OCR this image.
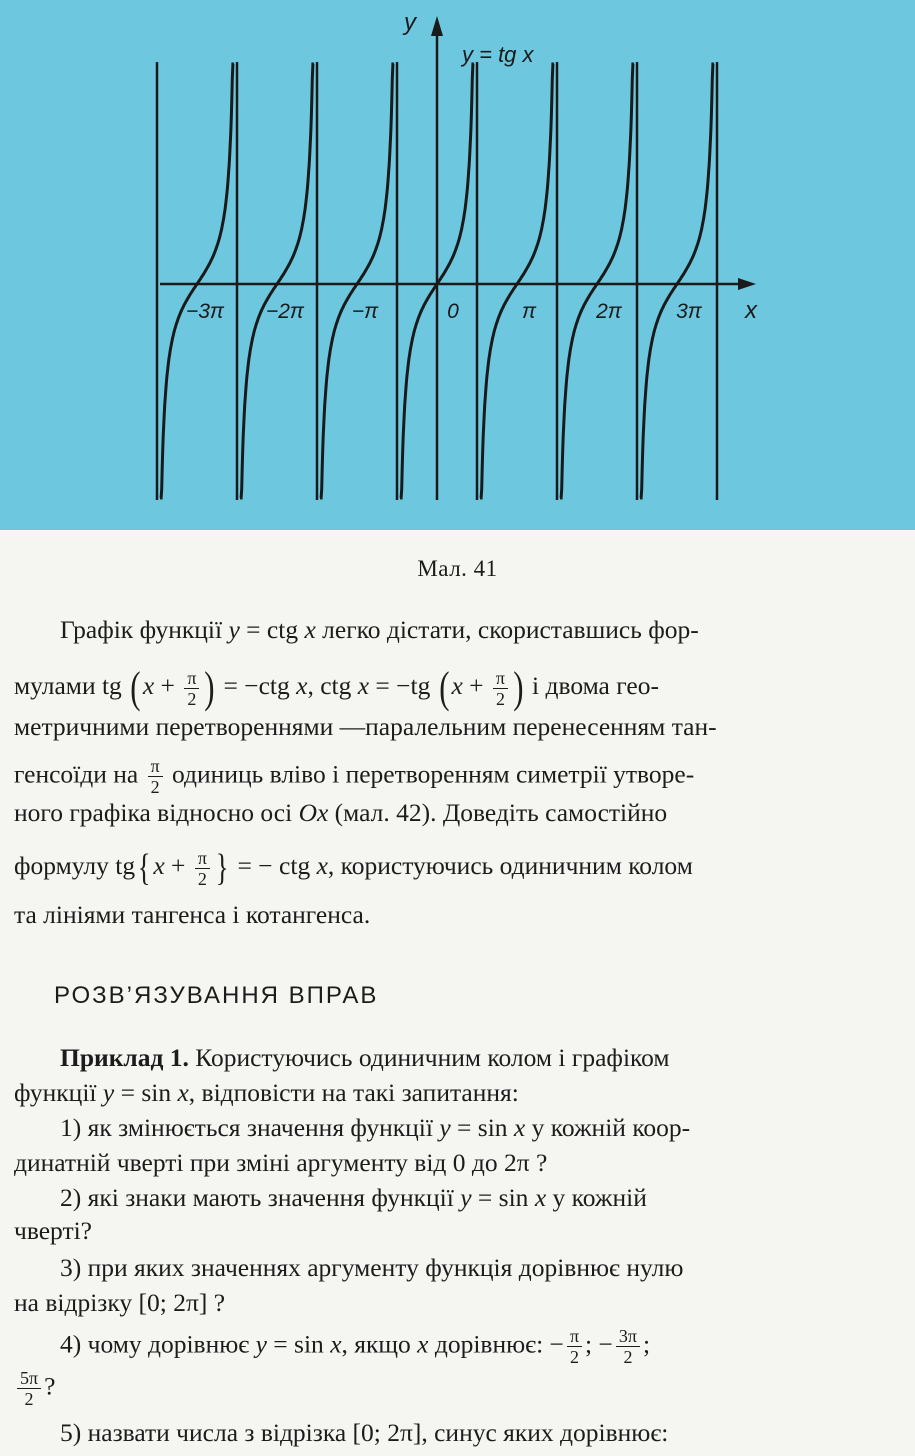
y
x
y = tg x
−3π −2π −π	0	π	2π	3π
Мал. 41
Графік функції y = ctg x легко дістати, скориставшись фор-
мулами tg ($x + \frac{\pi}{2}$ ) = −ctg x, ctg x = −tg ($x + \frac{\pi}{2}$ ) і двома гео-
метричними перетвореннями —паралельним перенесенням тан-
генсоїди на $\frac{\pi}{2}$ одиниць вліво і перетворенням симетрії утворе-
ного графіка відносно осі Ox (мал. 42). Доведіть самостійно
формулу tg{ $x + \frac{\pi}{2}$ } = − ctg x, користуючись одиничним колом
та лініями тангенса і котангенса.
РОЗВ’ЯЗУВАННЯ ВПРАВ
Приклад 1. Користуючись одиничним колом і графіком
функції y = sin x, відповісти на такі запитання:
1) як змінюється значення функції y = sin x у кожній коор-
динатній чверті при зміні аргументу від 0 до 2π ?
2) які знаки мають значення функції y = sin x у кожній
чверті?
3) при яких значеннях аргументу функція дорівнює нулю
на відрізку [0; 2π] ?
4) чому дорівнює y = sin x, якщо x дорівнює: − $\frac{\pi}{2}$ ; − $\frac{3\pi}{2}$ ;
$\frac{5\pi}{2}$ ?
5) назвати числа з відрізка [0; 2π], синус яких дорівнює:
